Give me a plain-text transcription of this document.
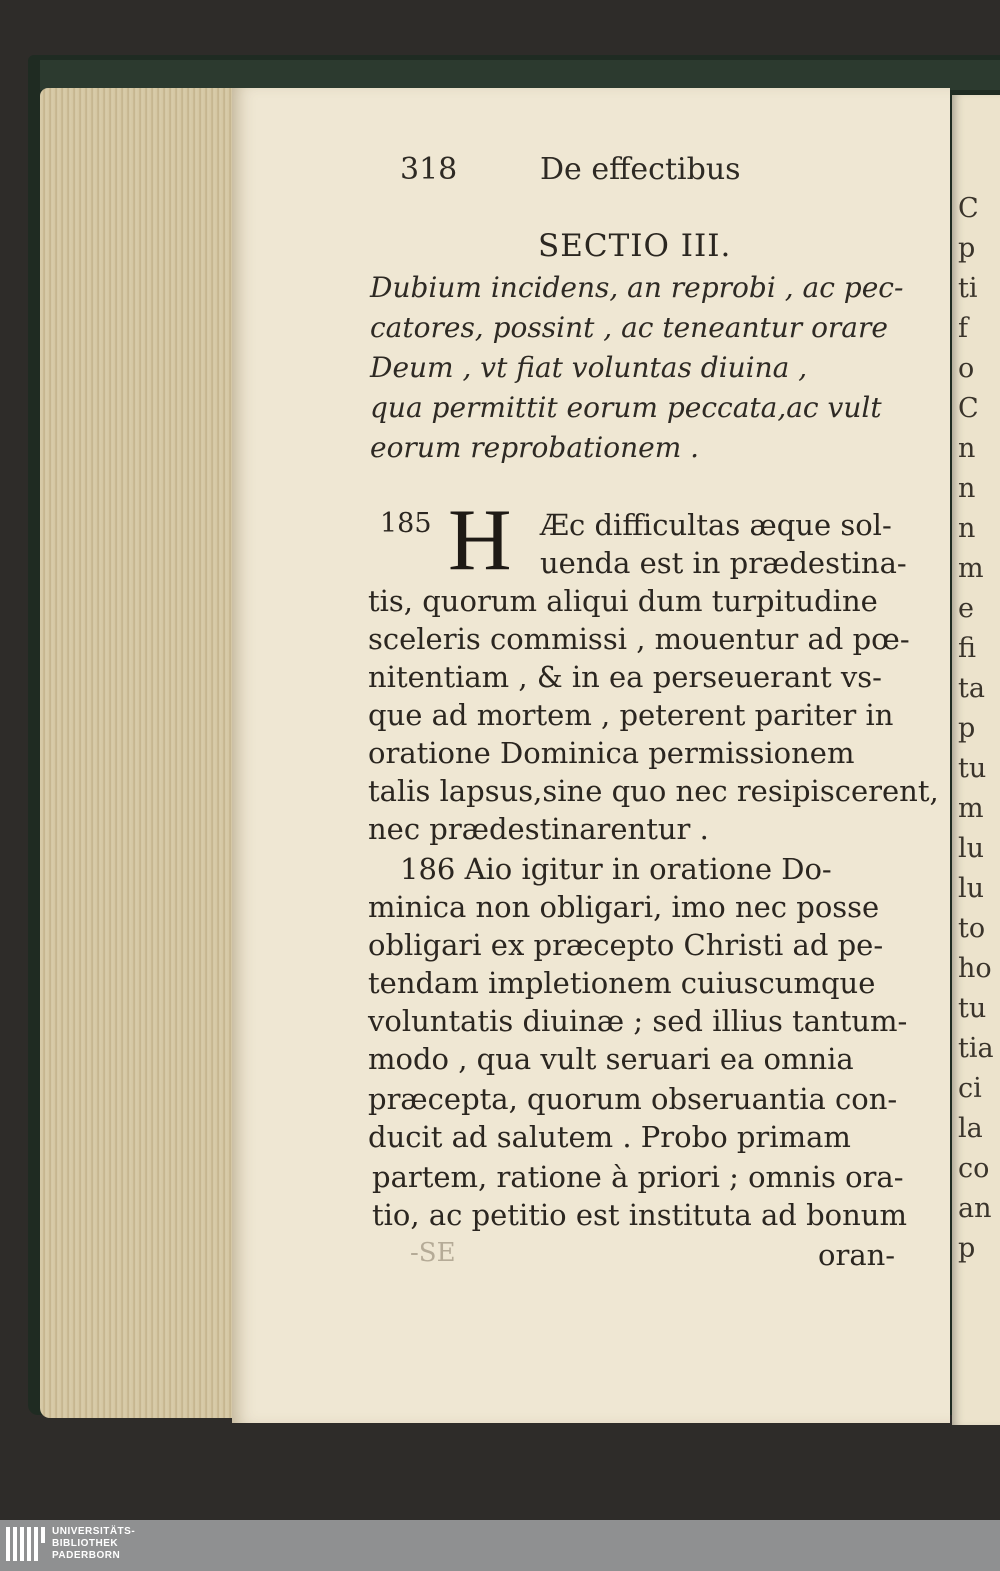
C
p
ti
f
o
C
n
n
n
m
e
fi
ta
p
tu
m
lu
lu
to
ho
tu
tia
ci
la
co
an
p
318	De effectibus
SECTIO III.
Dubium incidens, an reprobi , ac pec-
catores, possint , ac teneantur orare
Deum , vt fiat voluntas diuina ,
qua permittit eorum peccata,ac vult
eorum reprobationem .
185 H Æc difficultas æque sol-
uenda est in prædestina-
tis, quorum aliqui dum turpitudine
sceleris commissi , mouentur ad pœ-
nitentiam , & in ea perseuerant vs-
que ad mortem , peterent pariter in
oratione Dominica permissionem
talis lapsus,sine quo nec resipiscerent,
nec prædestinarentur .
186 Aio igitur in oratione Do-
minica non obligari, imo nec posse
obligari ex præcepto Christi ad pe-
tendam impletionem cuiuscumque
voluntatis diuinæ ; sed illius tantum-
modo , qua vult seruari ea omnia
præcepta, quorum obseruantia con-
ducit ad salutem . Probo primam
partem, ratione à priori ; omnis ora-
tio, ac petitio est instituta ad bonum
-SE	oran-
UNIVERSITÄTS-
BIBLIOTHEK
PADERBORN
